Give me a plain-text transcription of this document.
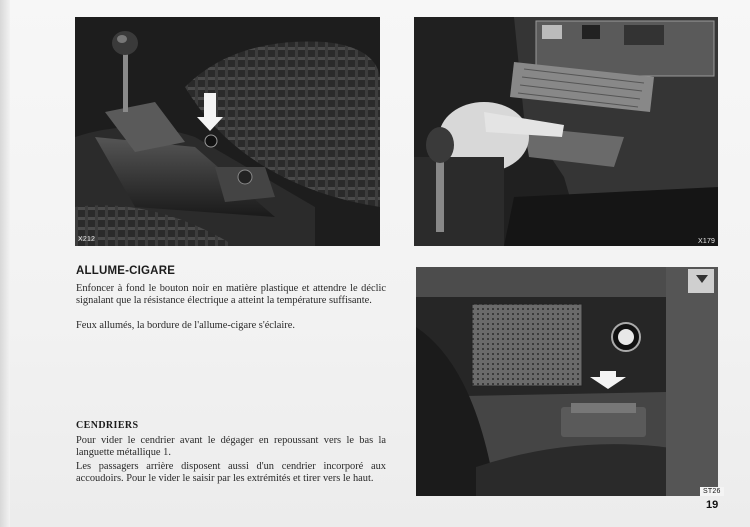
X212	X179
ST26
ALLUME-CIGARE
Enfoncer à fond le bouton noir en matière plastique et attendre le déclic signalant que la résistance électrique a atteint la température suffisante.
Feux allumés, la bordure de l'allume-cigare s'éclaire.
CENDRIERS
Pour vider le cendrier avant le dégager en repoussant vers le bas la languette métallique 1.
Les passagers arrière disposent aussi d'un cendrier incorporé aux accoudoirs. Pour le vider le saisir par les extrémités et tirer vers le haut.
19
